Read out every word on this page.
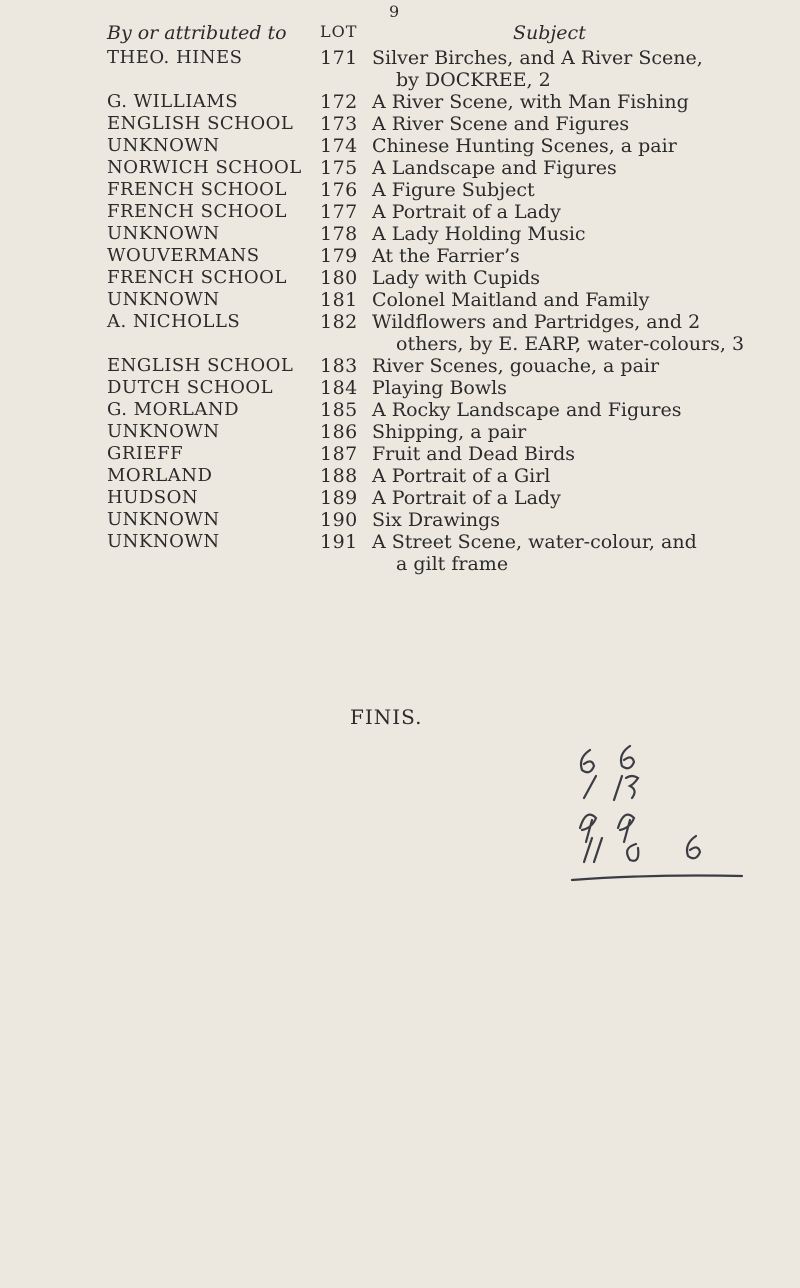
9
By or attributed to LOT	Subject
THEO. HINES	171 Silver Birches, and A River Scene,
by DOCKREE, 2
G. WILLIAMS	172 A River Scene, with Man Fishing
ENGLISH SCHOOL 173 A River Scene and Figures
UNKNOWN	174 Chinese Hunting Scenes, a pair
NORWICH SCHOOL 175 A Landscape and Figures
FRENCH SCHOOL 176 A Figure Subject
FRENCH SCHOOL 177 A Portrait of a Lady
UNKNOWN	178 A Lady Holding Music
WOUVERMANS	179 At the Farrier’s
FRENCH SCHOOL 180 Lady with Cupids
UNKNOWN	181 Colonel Maitland and Family
A. NICHOLLS	182 Wildflowers and Partridges, and 2
others, by E. EARP, water-colours, 3
ENGLISH SCHOOL 183 River Scenes, gouache, a pair
DUTCH SCHOOL 184 Playing Bowls
G. MORLAND	185 A Rocky Landscape and Figures
UNKNOWN	186 Shipping, a pair
GRIEFF	187 Fruit and Dead Birds
MORLAND	188 A Portrait of a Girl
HUDSON	189 A Portrait of a Lady
UNKNOWN	190 Six Drawings
UNKNOWN	191 A Street Scene, water-colour, and
a gilt frame
FINIS.
